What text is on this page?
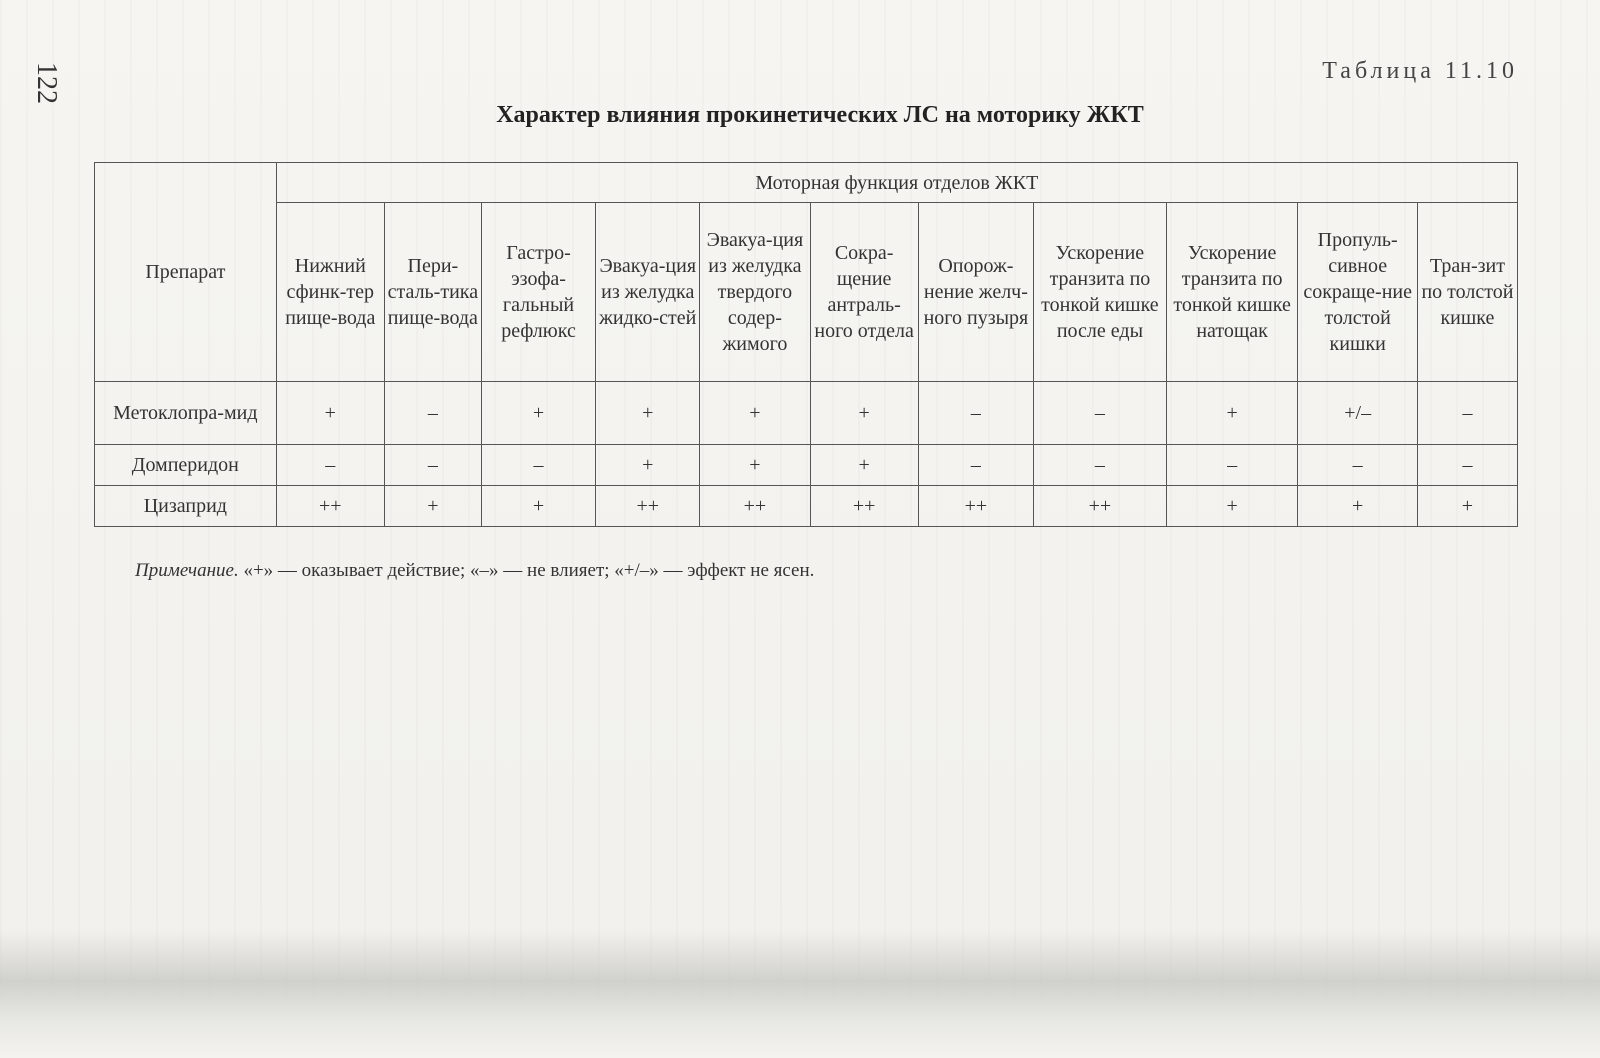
122	Таблица 11.10
Характер влияния прокинетических ЛС на моторику ЖКТ
Препарат	Моторная функция отделов ЖКТ										
	Нижний сфинк-тер пище-вода	Пери-сталь-тика пище-вода	Гастро-эзофа-гальный рефлюкс	Эвакуа-ция из желудка жидко-стей	Эвакуа-ция из желудка твердого содер-жимого	Сокра-щение антраль-ного отдела	Опорож-нение желч-ного пузыря	Ускорение транзита по тонкой кишке после еды	Ускорение транзита по тонкой кишке натощак	Пропуль-сивное сокраще-ние толстой кишки	Тран-зит по толстой кишке
Метоклопра-мид	+	–	+	+	+	+	–	–	+	+/–	–
Домперидон	–	–	–	+	+	+	–	–	–	–	–
Цизаприд	++	+	+	++	++	++	++	++	+	+	+
Примечание. «+» — оказывает действие; «–» — не влияет; «+/–» — эффект не ясен.
